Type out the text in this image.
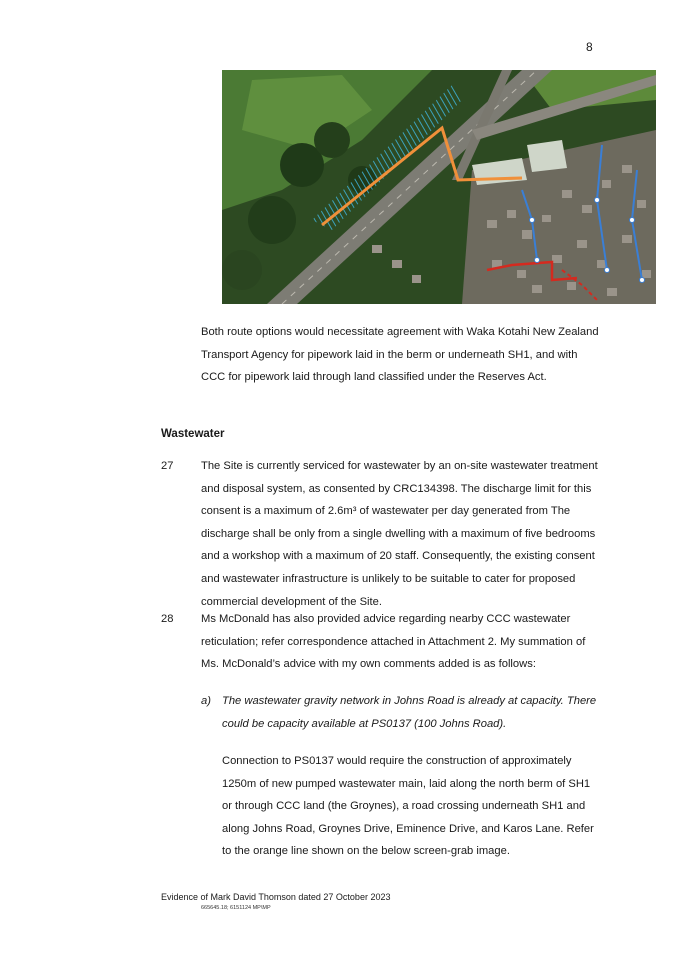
8
Both route options would necessitate agreement with Waka Kotahi New Zealand Transport Agency for pipework laid in the berm or underneath SH1, and with CCC for pipework laid through land classified under the Reserves Act.
Wastewater
27 The Site is currently serviced for wastewater by an on-site wastewater treatment and disposal system, as consented by CRC134398. The discharge limit for this consent is a maximum of 2.6m³ of wastewater per day generated from The discharge shall be only from a single dwelling with a maximum of five bedrooms and a workshop with a maximum of 20 staff. Consequently, the existing consent and wastewater infrastructure is unlikely to be suitable to cater for proposed commercial development of the Site.
28 Ms McDonald has also provided advice regarding nearby CCC wastewater reticulation; refer correspondence attached in Attachment 2. My summation of Ms. McDonald’s advice with my own comments added is as follows:
a) The wastewater gravity network in Johns Road is already at capacity. There could be capacity available at PS0137 (100 Johns Road).
Connection to PS0137 would require the construction of approximately 1250m of new pumped wastewater main, laid along the north berm of SH1 or through CCC land (the Groynes), a road crossing underneath SH1 and along Johns Road, Groynes Drive, Eminence Drive, and Karos Lane. Refer to the orange line shown on the below screen-grab image.
Evidence of Mark David Thomson dated 27 October 2023
665645.18; 6151124 MP\MP
